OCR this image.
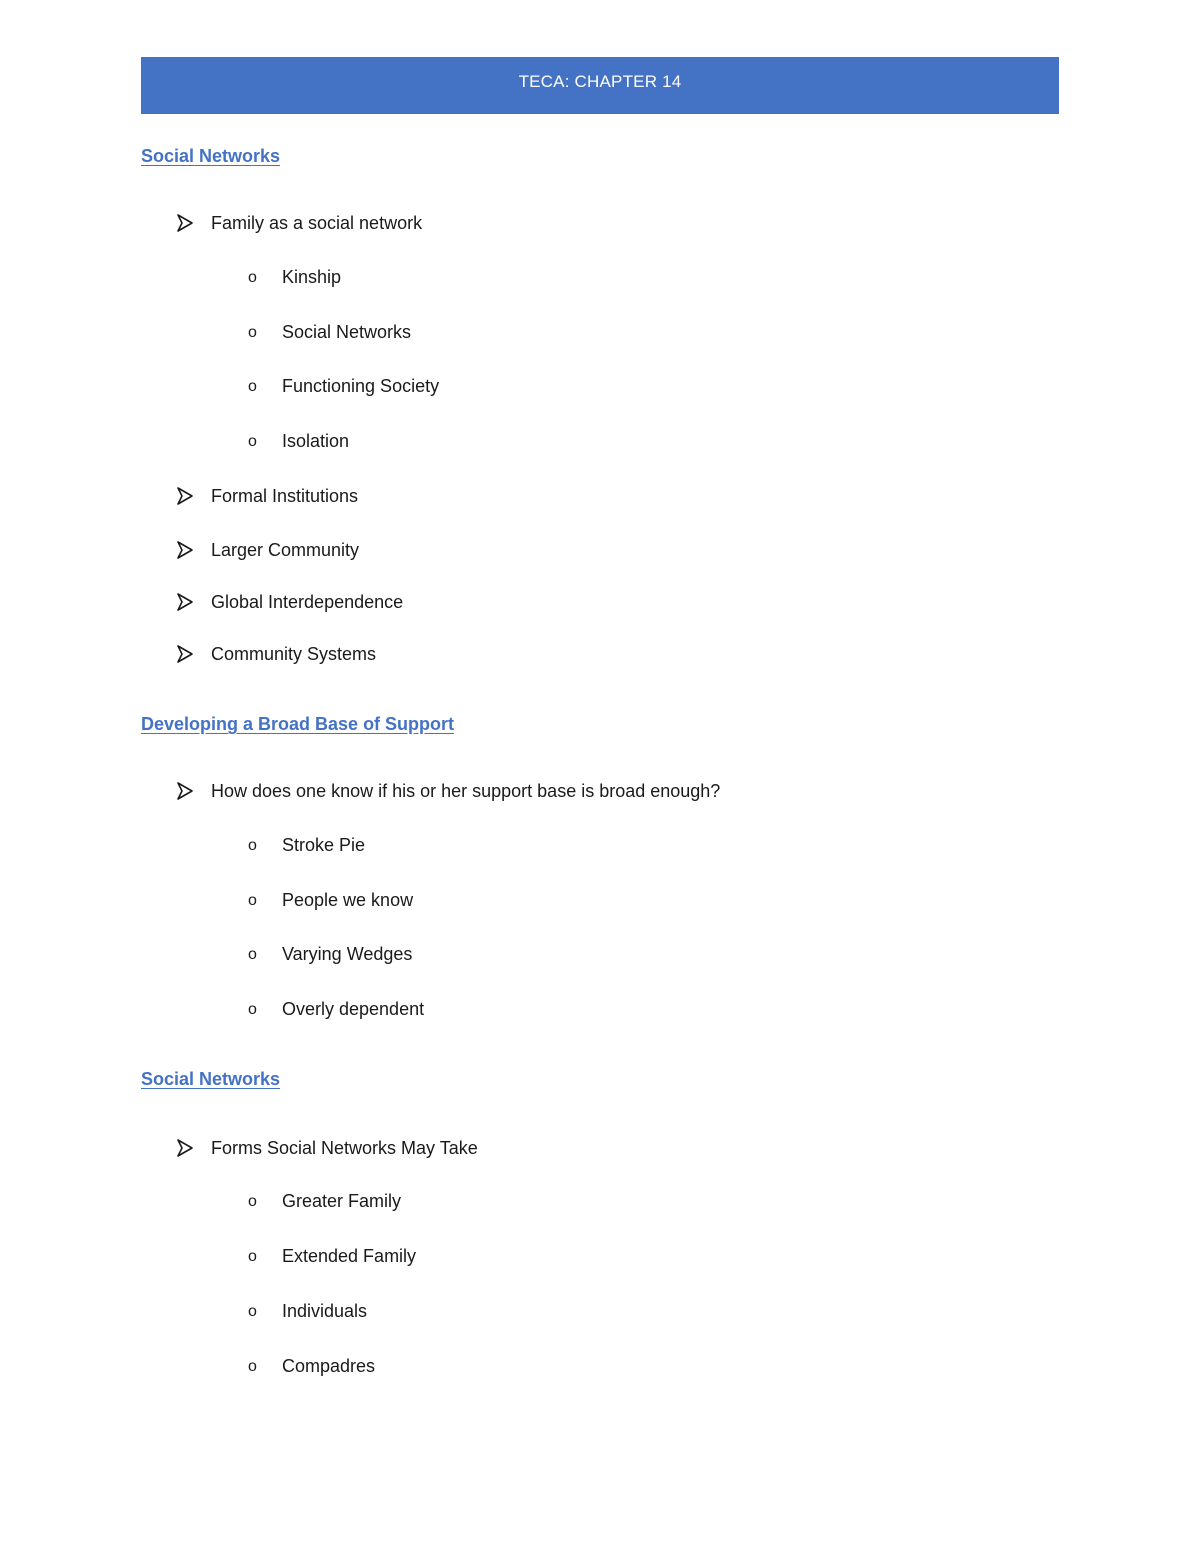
TECA: CHAPTER 14
Social Networks
Family as a social network
o Kinship
o Social Networks
o Functioning Society
o Isolation
Formal Institutions
Larger Community
Global Interdependence
Community Systems
Developing a Broad Base of Support
How does one know if his or her support base is broad enough?
o Stroke Pie
o People we know
o Varying Wedges
o Overly dependent
Social Networks
Forms Social Networks May Take
o Greater Family
o Extended Family
o Individuals
o Compadres
